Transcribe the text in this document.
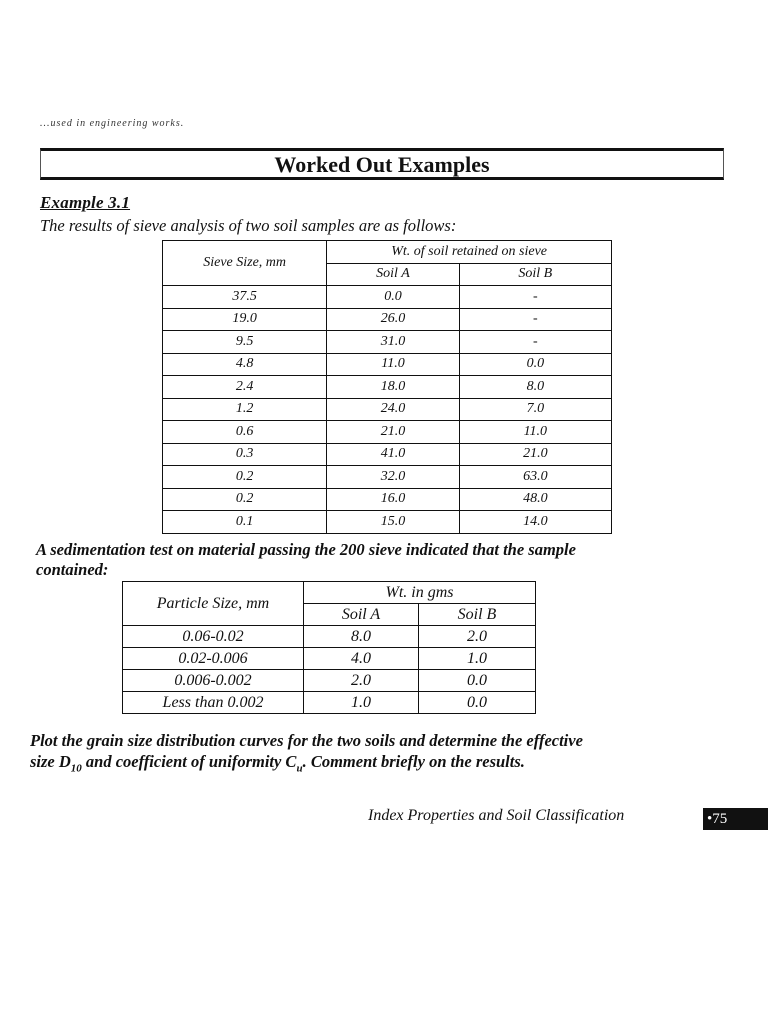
...used in engineering works.
Worked Out Examples
Example 3.1
The results of sieve analysis of two soil samples are as follows:
Sieve Size, mm	Wt. of soil retained on sieve	
	Soil A	Soil B
37.5	0.0	-
19.0	26.0	-
9.5	31.0	-
4.8	11.0	0.0
2.4	18.0	8.0
1.2	24.0	7.0
0.6	21.0	11.0
0.3	41.0	21.0
0.2	32.0	63.0
0.2	16.0	48.0
0.1	15.0	14.0
A sedimentation test on material passing the 200 sieve indicated that the sample
contained:
Particle Size, mm	Wt. in gms	
	Soil A	Soil B
0.06-0.02	8.0	2.0
0.02-0.006	4.0	1.0
0.006-0.002	2.0	0.0
Less than 0.002	1.0	0.0
Plot the grain size distribution curves for the two soils and determine the effective
size $D_{10}$ and coefficient of uniformity $C_u$. Comment briefly on the results.
Index Properties and Soil Classification	•75
